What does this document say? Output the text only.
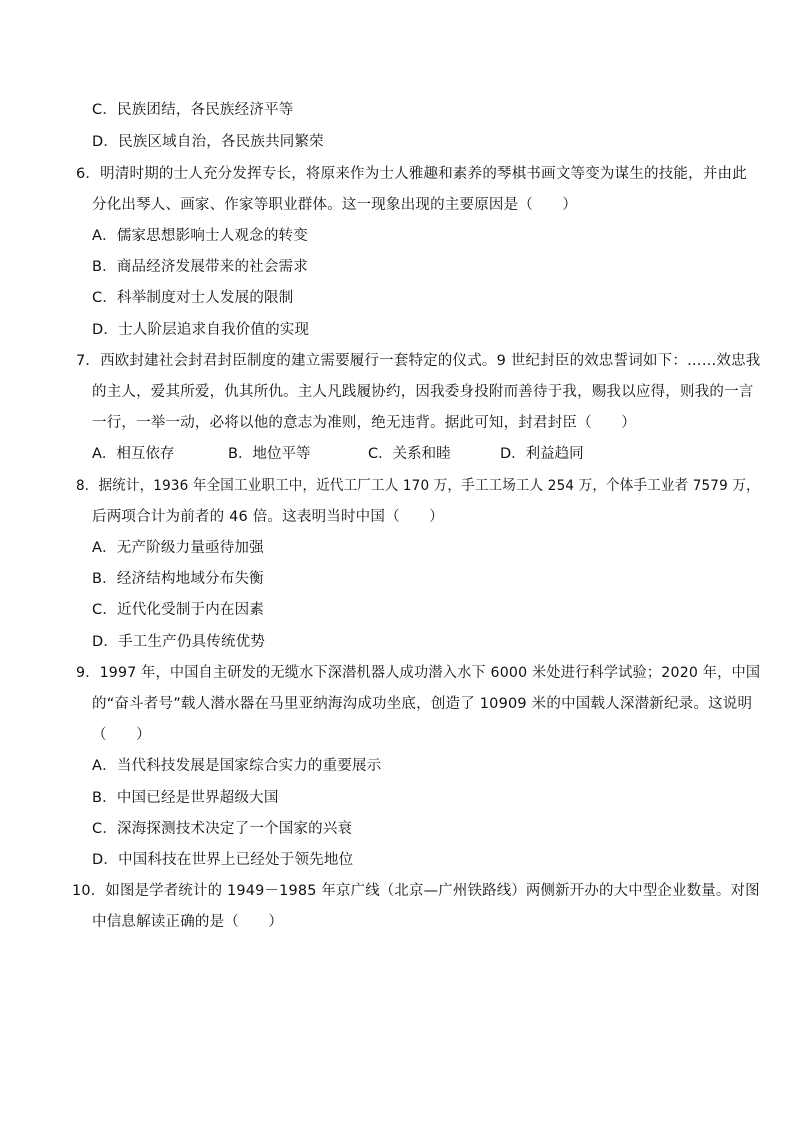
C．民族团结，各民族经济平等
D．民族区域自治，各民族共同繁荣
6．明清时期的士人充分发挥专长，将原来作为士人雅趣和素养的琴棋书画文等变为谋生的技能，并由此
分化出琴人、画家、作家等职业群体。这一现象出现的主要原因是（　　）
A．儒家思想影响士人观念的转变
B．商品经济发展带来的社会需求
C．科举制度对士人发展的限制
D．士人阶层追求自我价值的实现
7．西欧封建社会封君封臣制度的建立需要履行一套特定的仪式。9 世纪封臣的效忠誓词如下：……效忠我
的主人，爱其所爱，仇其所仇。主人凡践履协约，因我委身投附而善待于我，赐我以应得，则我的一言
一行，一举一动，必将以他的意志为准则，绝无违背。据此可知，封君封臣（　　）
A．相互依存	B．地位平等	C．关系和睦	D．利益趋同
8．据统计，1936 年全国工业职工中，近代工厂工人 170 万，手工工场工人 254 万，个体手工业者 7579 万，
后两项合计为前者的 46 倍。这表明当时中国（　　）
A．无产阶级力量亟待加强
B．经济结构地域分布失衡
C．近代化受制于内在因素
D．手工生产仍具传统优势
9．1997 年，中国自主研发的无缆水下深潜机器人成功潜入水下 6000 米处进行科学试验；2020 年，中国
的“奋斗者号”载人潜水器在马里亚纳海沟成功坐底，创造了 10909 米的中国载人深潜新纪录。这说明
（　　）
A．当代科技发展是国家综合实力的重要展示
B．中国已经是世界超级大国
C．深海探测技术决定了一个国家的兴衰
D．中国科技在世界上已经处于领先地位
10．如图是学者统计的 1949－1985 年京广线（北京—广州铁路线）两侧新开办的大中型企业数量。对图
中信息解读正确的是（　　）
